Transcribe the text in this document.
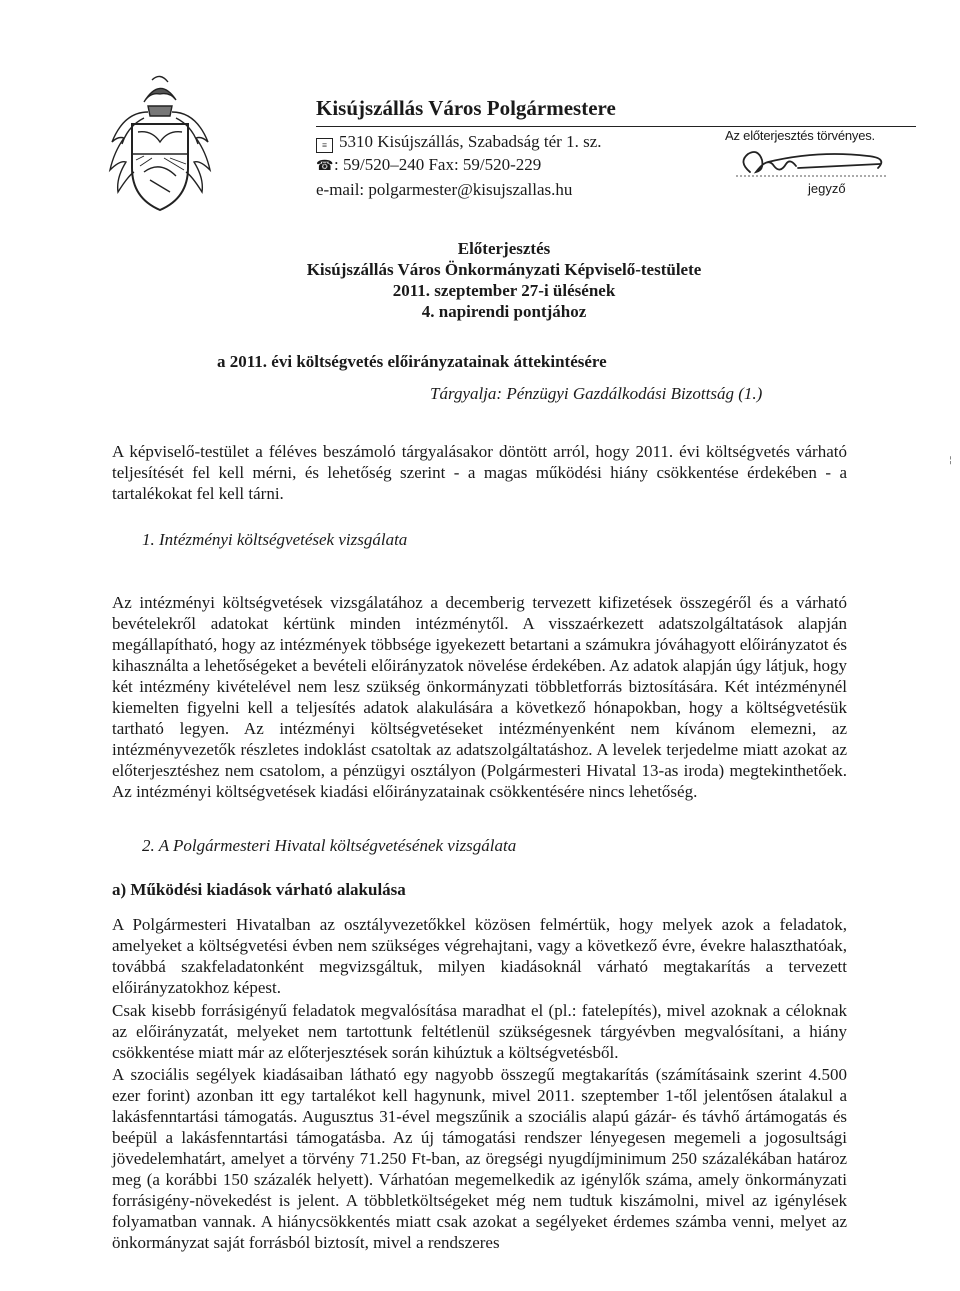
Kisújszállás Város Polgármestere
≡ 5310 Kisújszállás, Szabadság tér 1. sz.
☎: 59/520–240 Fax: 59/520-229
e-mail: polgarmester@kisujszallas.hu
Az előterjesztés törvényes.
jegyző
Előterjesztés
Kisújszállás Város Önkormányzati Képviselő-testülete
2011. szeptember 27-i ülésének
4. napirendi pontjához
a 2011. évi költségvetés előirányzatainak áttekintésére
Tárgyalja: Pénzügyi Gazdálkodási Bizottság (1.)
╎
A képviselő-testület a féléves beszámoló tárgyalásakor döntött arról, hogy 2011. évi költségvetés várható teljesítését fel kell mérni, és lehetőség szerint - a magas működési hiány csökkentése érdekében - a tartalékokat fel kell tárni.
1. Intézményi költségvetések vizsgálata
Az intézményi költségvetések vizsgálatához a decemberig tervezett kifizetések összegéről és a várható bevételekről adatokat kértünk minden intézménytől. A visszaérkezett adatszolgáltatások alapján megállapítható, hogy az intézmények többsége igyekezett betartani a számukra jóváhagyott előirányzatot és kihasználta a lehetőségeket a bevételi előirányzatok növelése érdekében. Az adatok alapján úgy látjuk, hogy két intézmény kivételével nem lesz szükség önkormányzati többletforrás biztosítására. Két intézménynél kiemelten figyelni kell a teljesítés adatok alakulására a következő hónapokban, hogy a költségvetésük tartható legyen. Az intézményi költségvetéseket intézményenként nem kívánom elemezni, az intézményvezetők részletes indoklást csatoltak az adatszolgáltatáshoz. A levelek terjedelme miatt azokat az előterjesztéshez nem csatolom, a pénzügyi osztályon (Polgármesteri Hivatal 13-as iroda) megtekinthetőek. Az intézményi költségvetések kiadási előirányzatainak csökkentésére nincs lehetőség.
2. A Polgármesteri Hivatal költségvetésének vizsgálata
a) Működési kiadások várható alakulása
A Polgármesteri Hivatalban az osztályvezetőkkel közösen felmértük, hogy melyek azok a feladatok, amelyeket a költségvetési évben nem szükséges végrehajtani, vagy a következő évre, évekre halaszthatóak, továbbá szakfeladatonként megvizsgáltuk, milyen kiadásoknál várható megtakarítás a tervezett előirányzatokhoz képest.
Csak kisebb forrásigényű feladatok megvalósítása maradhat el (pl.: fatelepítés), mivel azoknak a céloknak az előirányzatát, melyeket nem tartottunk feltétlenül szükségesnek tárgyévben megvalósítani, a hiány csökkentése miatt már az előterjesztések során kihúztuk a költségvetésből.
A szociális segélyek kiadásaiban látható egy nagyobb összegű megtakarítás (számításaink szerint 4.500 ezer forint) azonban itt egy tartalékot kell hagynunk, mivel 2011. szeptember 1-től jelentősen átalakul a lakásfenntartási támogatás. Augusztus 31-ével megszűnik a szociális alapú gázár- és távhő ártámogatás és beépül a lakásfenntartási támogatásba. Az új támogatási rendszer lényegesen megemeli a jogosultsági jövedelemhatárt, amelyet a törvény 71.250 Ft-ban, az öregségi nyugdíjminimum 250 százalékában határoz meg (a korábbi 150 százalék helyett). Várhatóan megemelkedik az igénylők száma, amely önkormányzati forrásigény-növekedést is jelent. A többletköltségeket még nem tudtuk kiszámolni, mivel az igénylések folyamatban vannak. A hiánycsökkentés miatt csak azokat a segélyeket érdemes számba venni, melyet az önkormányzat saját forrásból biztosít, mivel a rendszeres
